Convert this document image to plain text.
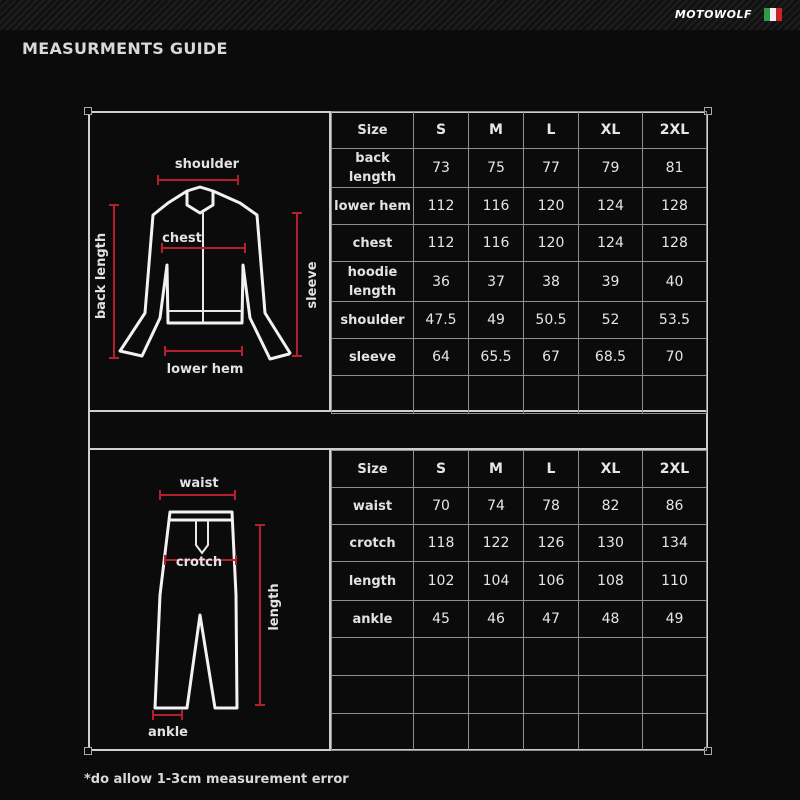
MOTOWOLF
MEASURMENTS GUIDE
shoulder
chest
back length	sleeve
lower hem
waist
crotch
length
ankle
Size	S	M	L	XL	2XL
back length	73	75	77	79	81
lower hem	112	116	120	124	128
chest	112	116	120	124	128
hoodie length	36	37	38	39	40
shoulder	47.5	49	50.5	52	53.5
sleeve	64	65.5	67	68.5	70

Size	S	M	L	XL	2XL
waist	70	74	78	82	86
crotch	118	122	126	130	134
length	102	104	106	108	110
ankle	45	46	47	48	49

*do allow 1-3cm measurement error
